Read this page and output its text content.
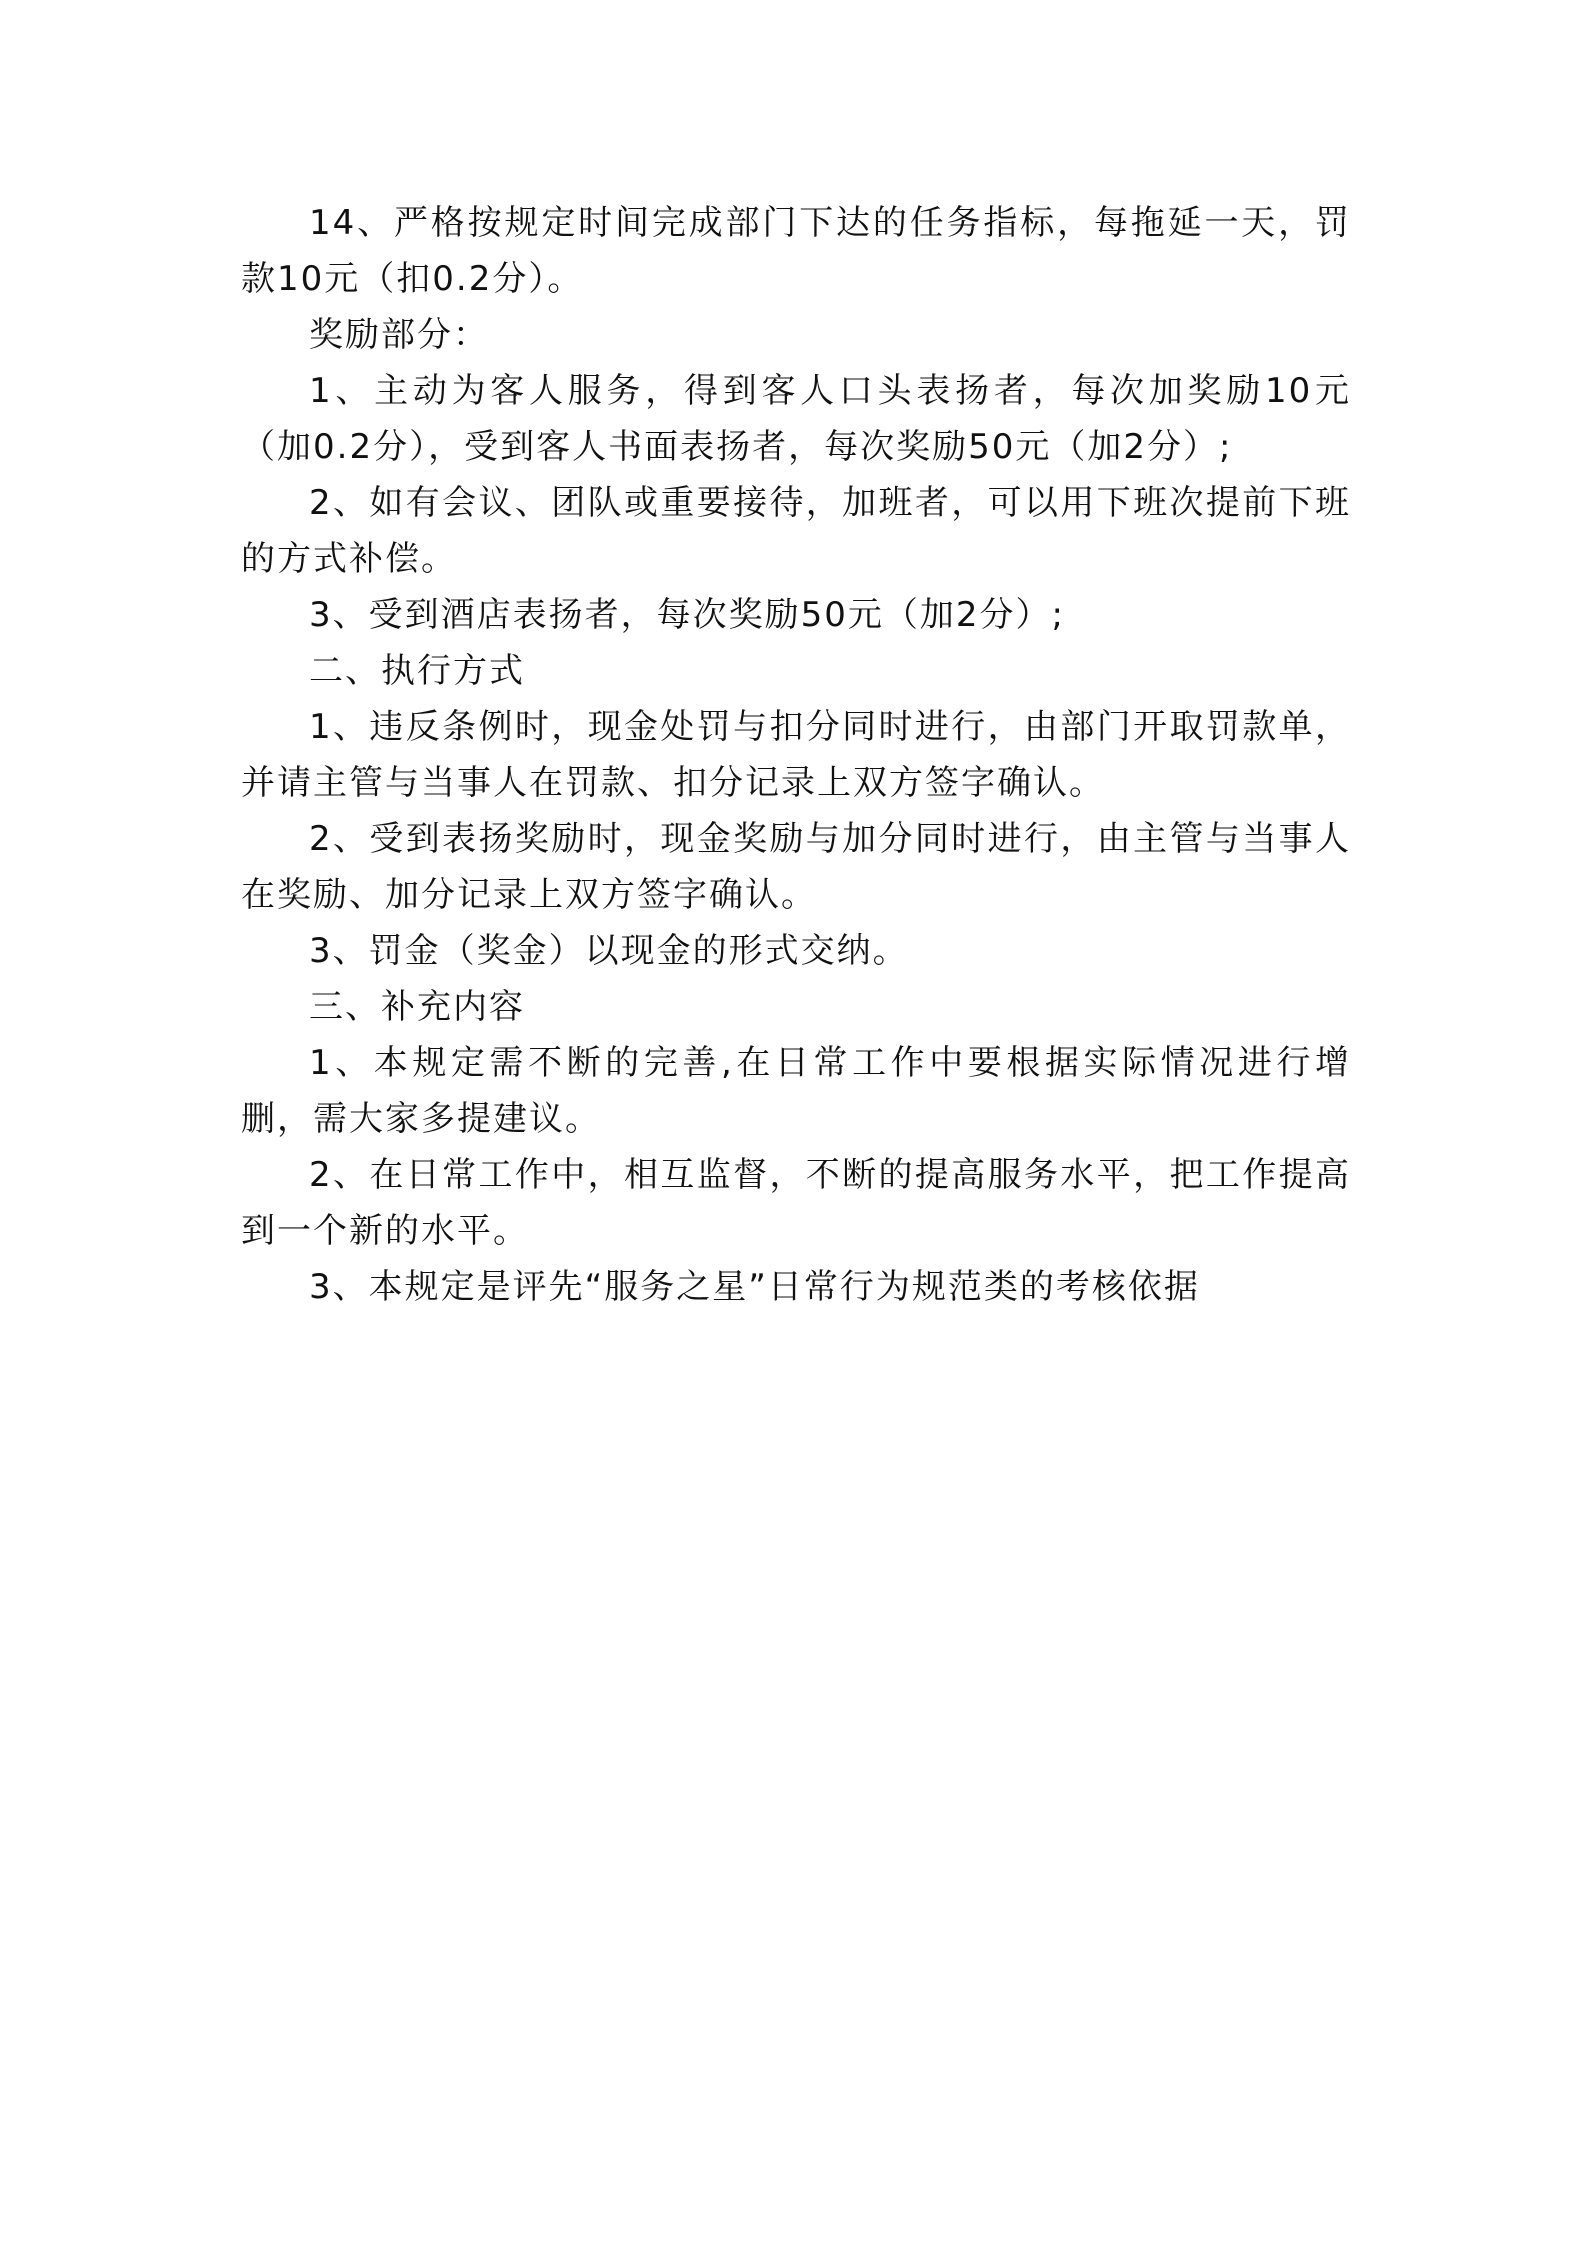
14、严格按规定时间完成部门下达的任务指标，每拖延一天，罚款10元（扣0.2分）。

奖励部分：

1、主动为客人服务，得到客人口头表扬者，每次加奖励10元（加0.2分），受到客人书面表扬者，每次奖励50元（加2分）;

2、如有会议、团队或重要接待，加班者，可以用下班次提前下班的方式补偿。

3、受到酒店表扬者，每次奖励50元（加2分）;

二、执行方式

1、违反条例时，现金处罚与扣分同时进行，由部门开取罚款单，并请主管与当事人在罚款、扣分记录上双方签字确认。

2、受到表扬奖励时，现金奖励与加分同时进行，由主管与当事人在奖励、加分记录上双方签字确认。

3、罚金（奖金）以现金的形式交纳。

三、补充内容

1、本规定需不断的完善,在日常工作中要根据实际情况进行增删，需大家多提建议。

2、在日常工作中，相互监督，不断的提高服务水平，把工作提高到一个新的水平。

3、本规定是评先“服务之星”日常行为规范类的考核依据
